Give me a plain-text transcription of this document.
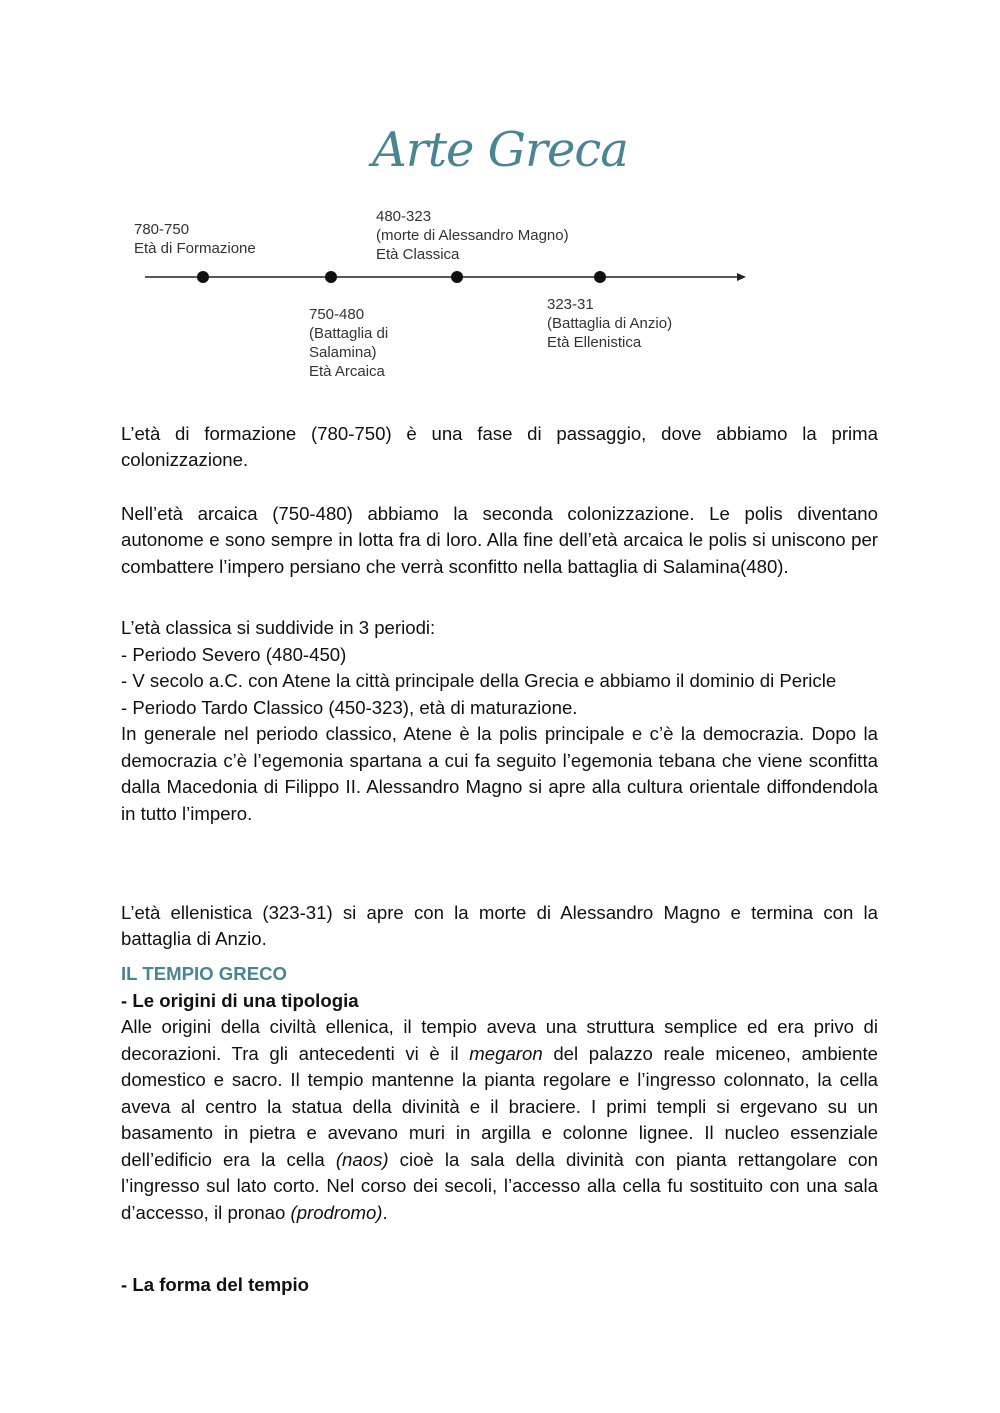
Arte Greca
780-750
Età di Formazione
750-480
(Battaglia di
Salamina)
Età Arcaica
480-323
(morte di Alessandro Magno)
Età Classica
323-31
(Battaglia di Anzio)
Età Ellenistica

L’età di formazione (780-750) è una fase di passaggio, dove abbiamo la prima colonizzazione.

Nell’età arcaica (750-480) abbiamo la seconda colonizzazione. Le polis diventano autonome e sono sempre in lotta fra di loro. Alla fine dell’età arcaica le polis si uniscono per combattere l’impero persiano che verrà sconfitto nella battaglia di Salamina(480).

L’età classica si suddivide in 3 periodi:

- Periodo Severo (480-450)

- V secolo a.C. con Atene la città principale della Grecia e abbiamo il dominio di Pericle

- Periodo Tardo Classico (450-323), età di maturazione.

In generale nel periodo classico, Atene è la polis principale e c’è la democrazia. Dopo la democrazia c’è l’egemonia spartana a cui fa seguito l’egemonia tebana che viene sconfitta dalla Macedonia di Filippo II. Alessandro Magno si apre alla cultura orientale diffondendola in tutto l’impero.

L’età ellenistica (323-31) si apre con la morte di Alessandro Magno e termina con la battaglia di Anzio.

IL TEMPIO GRECO

- Le origini di una tipologia

Alle origini della civiltà ellenica, il tempio aveva una struttura semplice ed era privo di decorazioni. Tra gli antecedenti vi è il megaron del palazzo reale miceneo, ambiente domestico e sacro. Il tempio mantenne la pianta regolare e l’ingresso colonnato, la cella aveva al centro la statua della divinità e il braciere. I primi templi si ergevano su un basamento in pietra e avevano muri in argilla e colonne lignee. Il nucleo essenziale dell’edificio era la cella (naos) cioè la sala della divinità con pianta rettangolare con l’ingresso sul lato corto. Nel corso dei secoli, l’accesso alla cella fu sostituito con una sala d’accesso, il pronao (prodromo).

- La forma del tempio
